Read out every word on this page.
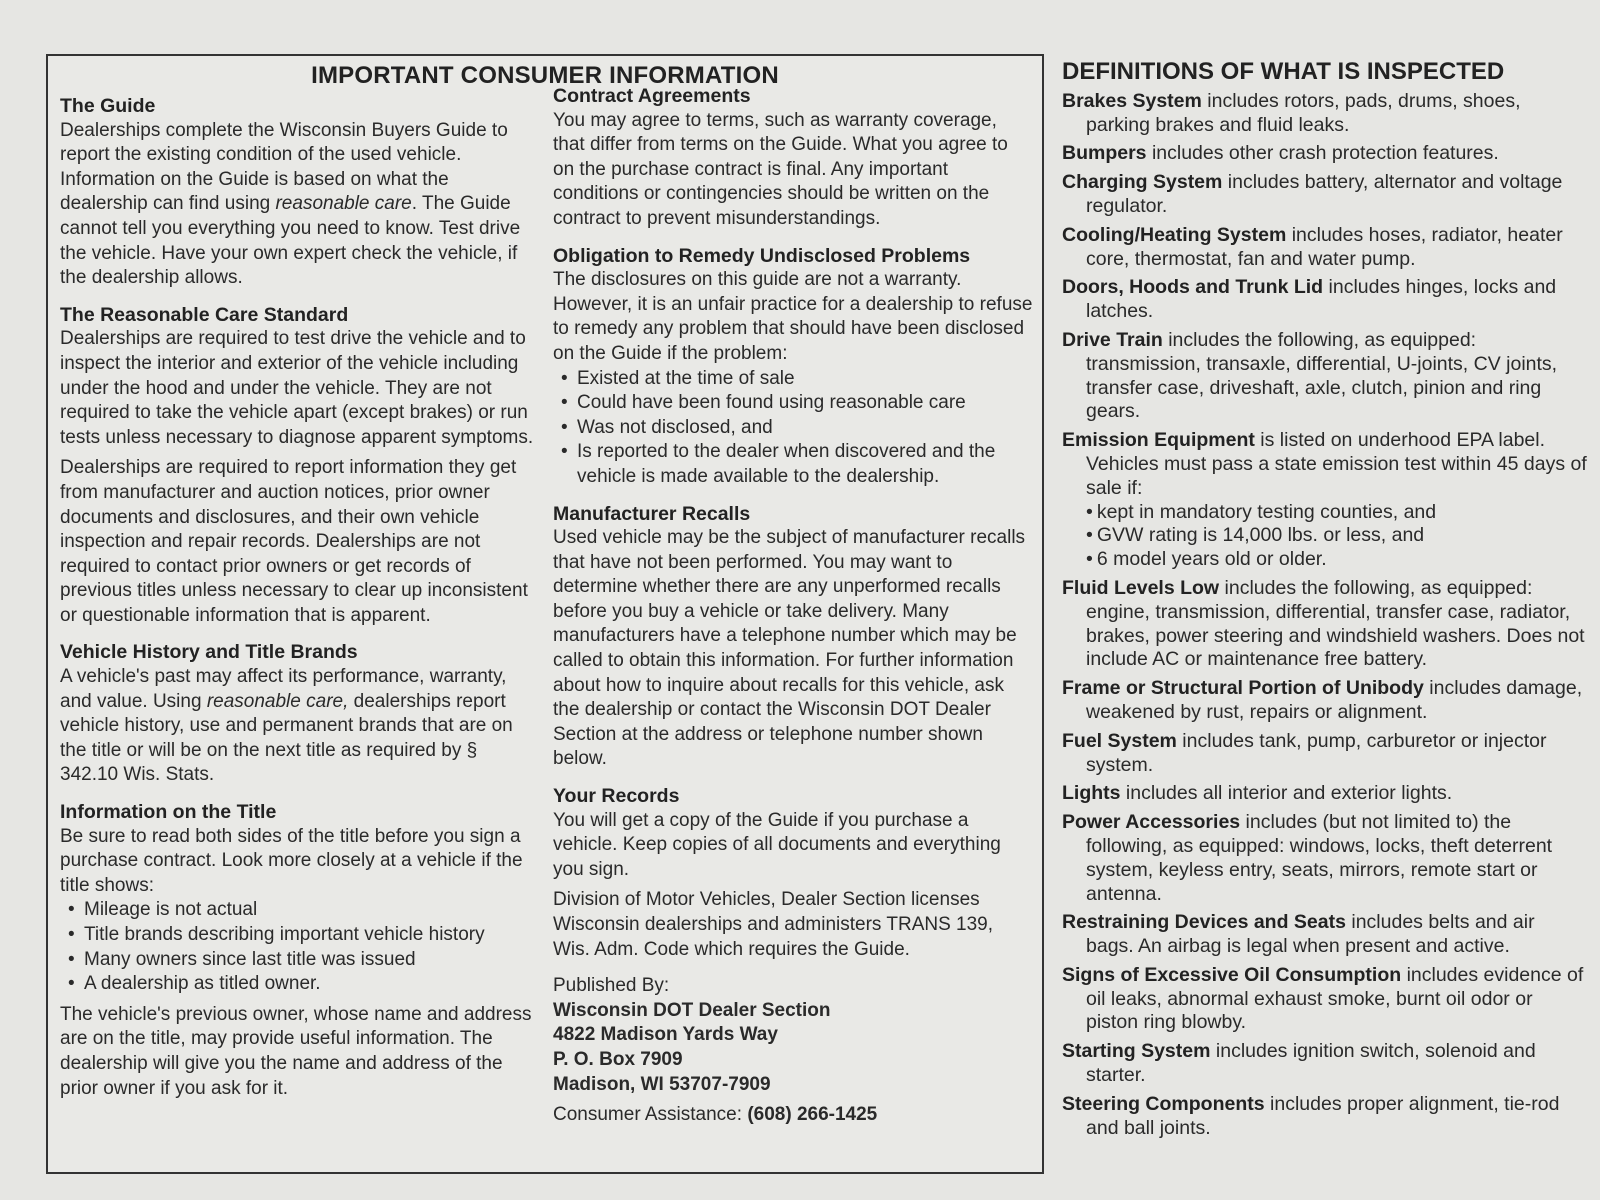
IMPORTANT CONSUMER INFORMATION
The Guide

Dealerships complete the Wisconsin Buyers Guide to report the existing condition of the used vehicle. Information on the Guide is based on what the dealership can find using reasonable care. The Guide cannot tell you everything you need to know. Test drive the vehicle. Have your own expert check the vehicle, if the dealership allows.

The Reasonable Care Standard

Dealerships are required to test drive the vehicle and to inspect the interior and exterior of the vehicle including under the hood and under the vehicle. They are not required to take the vehicle apart (except brakes) or run tests unless necessary to diagnose apparent symptoms.

Dealerships are required to report information they get from manufacturer and auction notices, prior owner documents and disclosures, and their own vehicle inspection and repair records. Dealerships are not required to contact prior owners or get records of previous titles unless necessary to clear up inconsistent or questionable information that is apparent.

Vehicle History and Title Brands

A vehicle's past may affect its performance, warranty, and value. Using reasonable care, dealerships report vehicle history, use and permanent brands that are on the title or will be on the next title as required by § 342.10 Wis. Stats.

Information on the Title

Be sure to read both sides of the title before you sign a purchase contract. Look more closely at a vehicle if the title shows:

• Mileage is not actual
• Title brands describing important vehicle history
• Many owners since last title was issued
• A dealership as titled owner.

The vehicle's previous owner, whose name and address are on the title, may provide useful information. The dealership will give you the name and address of the prior owner if you ask for it.

Contract Agreements

You may agree to terms, such as warranty coverage, that differ from terms on the Guide. What you agree to on the purchase contract is final. Any important conditions or contingencies should be written on the contract to prevent misunderstandings.

Obligation to Remedy Undisclosed Problems

The disclosures on this guide are not a warranty. However, it is an unfair practice for a dealership to refuse to remedy any problem that should have been disclosed on the Guide if the problem:

• Existed at the time of sale
• Could have been found using reasonable care
• Was not disclosed, and
• Is reported to the dealer when discovered and the vehicle is made available to the dealership.
Manufacturer Recalls

Used vehicle may be the subject of manufacturer recalls that have not been performed. You may want to determine whether there are any unperformed recalls before you buy a vehicle or take delivery. Many manufacturers have a telephone number which may be called to obtain this information. For further information about how to inquire about recalls for this vehicle, ask the dealership or contact the Wisconsin DOT Dealer Section at the address or telephone number shown below.

Your Records

You will get a copy of the Guide if you purchase a vehicle. Keep copies of all documents and everything you sign.

Division of Motor Vehicles, Dealer Section licenses Wisconsin dealerships and administers TRANS 139, Wis. Adm. Code which requires the Guide.

Published By:

Wisconsin DOT Dealer Section

4822 Madison Yards Way

P. O. Box 7909

Madison, WI 53707-7909

Consumer Assistance: (608) 266-1425

DEFINITIONS OF WHAT IS INSPECTED

Brakes System includes rotors, pads, drums, shoes, parking brakes and fluid leaks.

Bumpers includes other crash protection features.

Charging System includes battery, alternator and voltage regulator.

Cooling/Heating System includes hoses, radiator, heater core, thermostat, fan and water pump.

Doors, Hoods and Trunk Lid includes hinges, locks and latches.

Drive Train includes the following, as equipped: transmission, transaxle, differential, U-joints, CV joints, transfer case, driveshaft, axle, clutch, pinion and ring gears.

Emission Equipment is listed on underhood EPA label. Vehicles must pass a state emission test within 45 days of sale if:

• kept in mandatory testing counties, and
• GVW rating is 14,000 lbs. or less, and
• 6 model years old or older.

Fluid Levels Low includes the following, as equipped: engine, transmission, differential, transfer case, radiator, brakes, power steering and windshield washers. Does not include AC or maintenance free battery.

Frame or Structural Portion of Unibody includes damage, weakened by rust, repairs or alignment.

Fuel System includes tank, pump, carburetor or injector system.

Lights includes all interior and exterior lights.

Power Accessories includes (but not limited to) the following, as equipped: windows, locks, theft deterrent system, keyless entry, seats, mirrors, remote start or antenna.

Restraining Devices and Seats includes belts and air bags. An airbag is legal when present and active.

Signs of Excessive Oil Consumption includes evidence of oil leaks, abnormal exhaust smoke, burnt oil odor or piston ring blowby.

Starting System includes ignition switch, solenoid and starter.

Steering Components includes proper alignment, tie-rod and ball joints.
